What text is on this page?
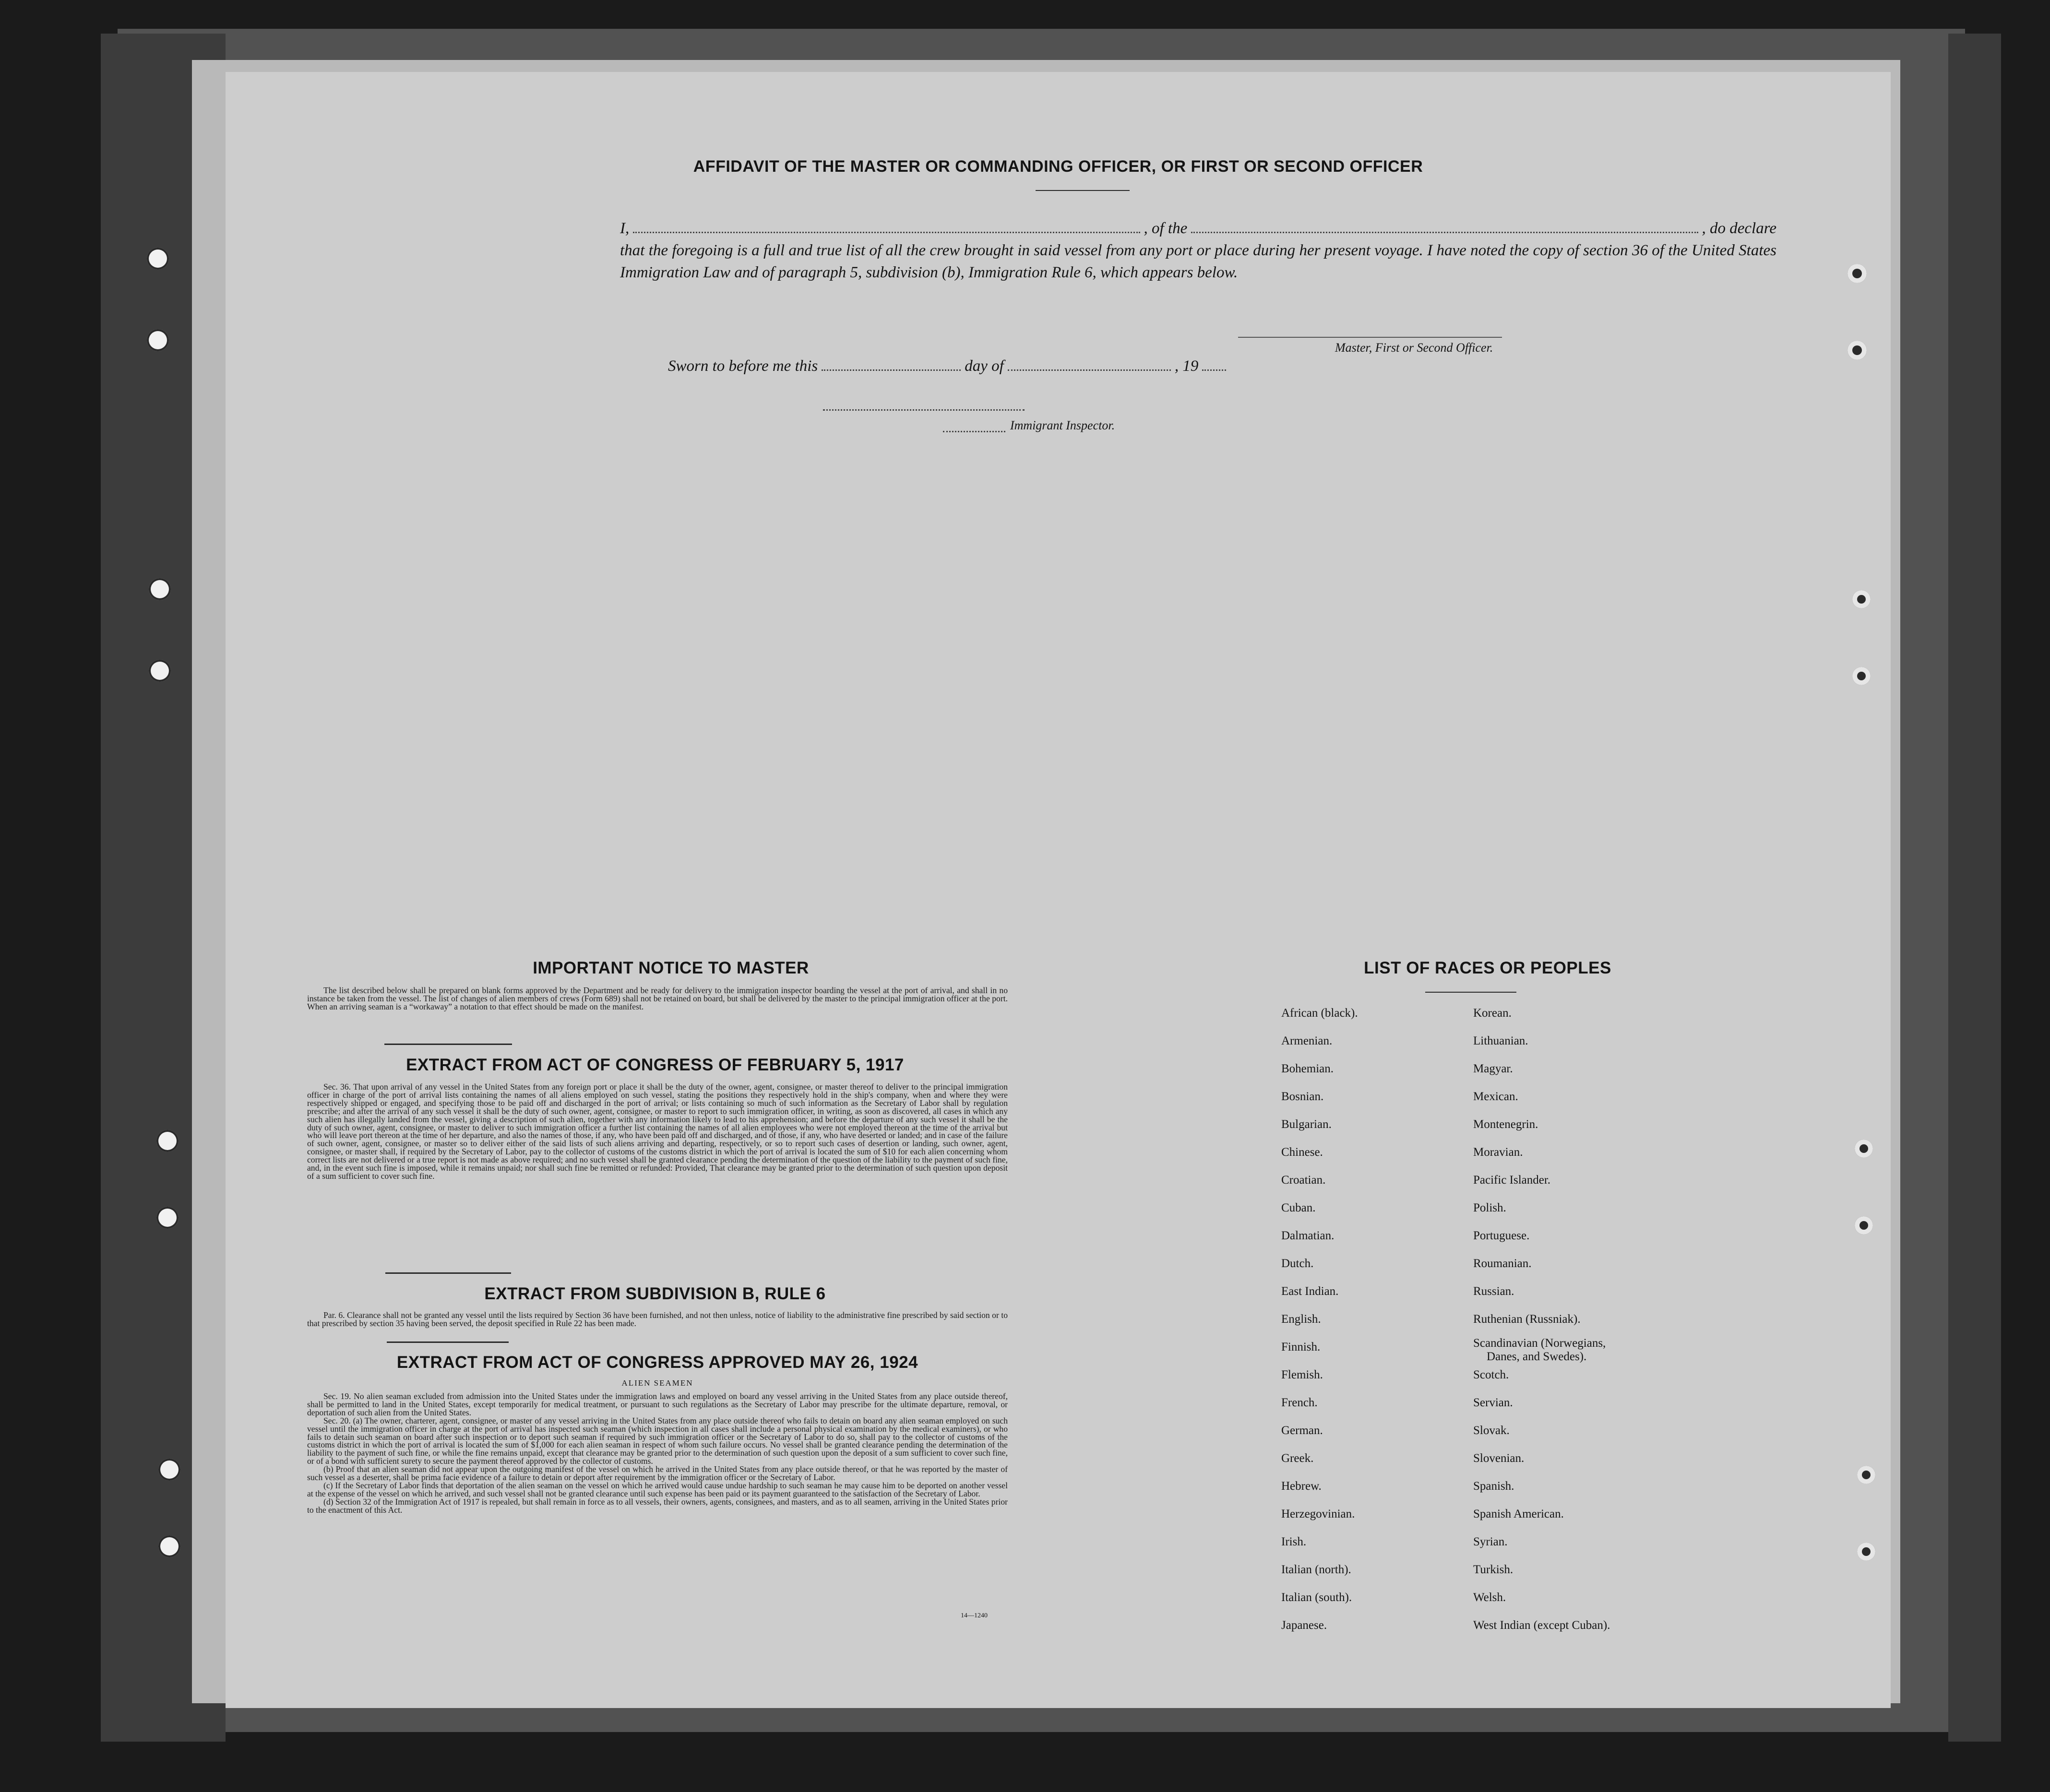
AFFIDAVIT OF THE MASTER OR COMMANDING OFFICER, OR FIRST OR SECOND OFFICER
I,	, of the	, do declare
that the foregoing is a full and true list of all the crew brought in said vessel from any port or place during her present voyage. I have noted the copy of section 36 of the United States Immigration Law and of paragraph 5, subdivision (b), Immigration Rule 6, which appears below.
Master, First or Second Officer.
Sworn to before me this	day of	, 19
Immigrant Inspector.
IMPORTANT NOTICE TO MASTER

The list described below shall be prepared on blank forms approved by the Department and be ready for delivery to the immigration inspector boarding the vessel at the port of arrival, and shall in no instance be taken from the vessel. The list of changes of alien members of crews (Form 689) shall not be retained on board, but shall be delivered by the master to the principal immigration officer at the port. When an arriving seaman is a “workaway” a notation to that effect should be made on the manifest.

EXTRACT FROM ACT OF CONGRESS OF FEBRUARY 5, 1917

Sec. 36. That upon arrival of any vessel in the United States from any foreign port or place it shall be the duty of the owner, agent, consignee, or master thereof to deliver to the principal immigration officer in charge of the port of arrival lists containing the names of all aliens employed on such vessel, stating the positions they respectively hold in the ship's company, when and where they were respectively shipped or engaged, and specifying those to be paid off and discharged in the port of arrival; or lists containing so much of such information as the Secretary of Labor shall by regulation prescribe; and after the arrival of any such vessel it shall be the duty of such owner, agent, consignee, or master to report to such immigration officer, in writing, as soon as discovered, all cases in which any such alien has illegally landed from the vessel, giving a description of such alien, together with any information likely to lead to his apprehension; and before the departure of any such vessel it shall be the duty of such owner, agent, consignee, or master to deliver to such immigration officer a further list containing the names of all alien employees who were not employed thereon at the time of the arrival but who will leave port thereon at the time of her departure, and also the names of those, if any, who have been paid off and discharged, and of those, if any, who have deserted or landed; and in case of the failure of such owner, agent, consignee, or master so to deliver either of the said lists of such aliens arriving and departing, respectively, or so to report such cases of desertion or landing, such owner, agent, consignee, or master shall, if required by the Secretary of Labor, pay to the collector of customs of the customs district in which the port of arrival is located the sum of $10 for each alien concerning whom correct lists are not delivered or a true report is not made as above required; and no such vessel shall be granted clearance pending the determination of the question of the liability to the payment of such fine, and, in the event such fine is imposed, while it remains unpaid; nor shall such fine be remitted or refunded: Provided, That clearance may be granted prior to the determination of such question upon deposit of a sum sufficient to cover such fine.

EXTRACT FROM SUBDIVISION B, RULE 6

Par. 6. Clearance shall not be granted any vessel until the lists required by Section 36 have been furnished, and not then unless, notice of liability to the administrative fine prescribed by said section or to that prescribed by section 35 having been served, the deposit specified in Rule 22 has been made.

EXTRACT FROM ACT OF CONGRESS APPROVED MAY 26, 1924
ALIEN SEAMEN

Sec. 19. No alien seaman excluded from admission into the United States under the immigration laws and employed on board any vessel arriving in the United States from any place outside thereof, shall be permitted to land in the United States, except temporarily for medical treatment, or pursuant to such regulations as the Secretary of Labor may prescribe for the ultimate departure, removal, or deportation of such alien from the United States.

Sec. 20. (a) The owner, charterer, agent, consignee, or master of any vessel arriving in the United States from any place outside thereof who fails to detain on board any alien seaman employed on such vessel until the immigration officer in charge at the port of arrival has inspected such seaman (which inspection in all cases shall include a personal physical examination by the medical examiners), or who fails to detain such seaman on board after such inspection or to deport such seaman if required by such immigration officer or the Secretary of Labor to do so, shall pay to the collector of customs of the customs district in which the port of arrival is located the sum of $1,000 for each alien seaman in respect of whom such failure occurs. No vessel shall be granted clearance pending the determination of the liability to the payment of such fine, or while the fine remains unpaid, except that clearance may be granted prior to the determination of such question upon the deposit of a sum sufficient to cover such fine, or of a bond with sufficient surety to secure the payment thereof approved by the collector of customs.

(b) Proof that an alien seaman did not appear upon the outgoing manifest of the vessel on which he arrived in the United States from any place outside thereof, or that he was reported by the master of such vessel as a deserter, shall be prima facie evidence of a failure to detain or deport after requirement by the immigration officer or the Secretary of Labor.

(c) If the Secretary of Labor finds that deportation of the alien seaman on the vessel on which he arrived would cause undue hardship to such seaman he may cause him to be deported on another vessel at the expense of the vessel on which he arrived, and such vessel shall not be granted clearance until such expense has been paid or its payment guaranteed to the satisfaction of the Secretary of Labor.

(d) Section 32 of the Immigration Act of 1917 is repealed, but shall remain in force as to all vessels, their owners, agents, consignees, and masters, and as to all seamen, arriving in the United States prior to the enactment of this Act.

14—1240
LIST OF RACES OR PEOPLES
African (black).
Armenian.
Bohemian.
Bosnian.
Bulgarian.
Chinese.
Croatian.
Cuban.
Dalmatian.
Dutch.
East Indian.
English.
Finnish.
Flemish.
French.
German.
Greek.
Hebrew.
Herzegovinian.
Irish.
Italian (north).
Italian (south).
Japanese.
Korean.
Lithuanian.
Magyar.
Mexican.
Montenegrin.
Moravian.
Pacific Islander.
Polish.
Portuguese.
Roumanian.
Russian.
Ruthenian (Russniak).
Scandinavian (Norwegians,
Danes, and Swedes).
Scotch.
Servian.
Slovak.
Slovenian.
Spanish.
Spanish American.
Syrian.
Turkish.
Welsh.
West Indian (except Cuban).
